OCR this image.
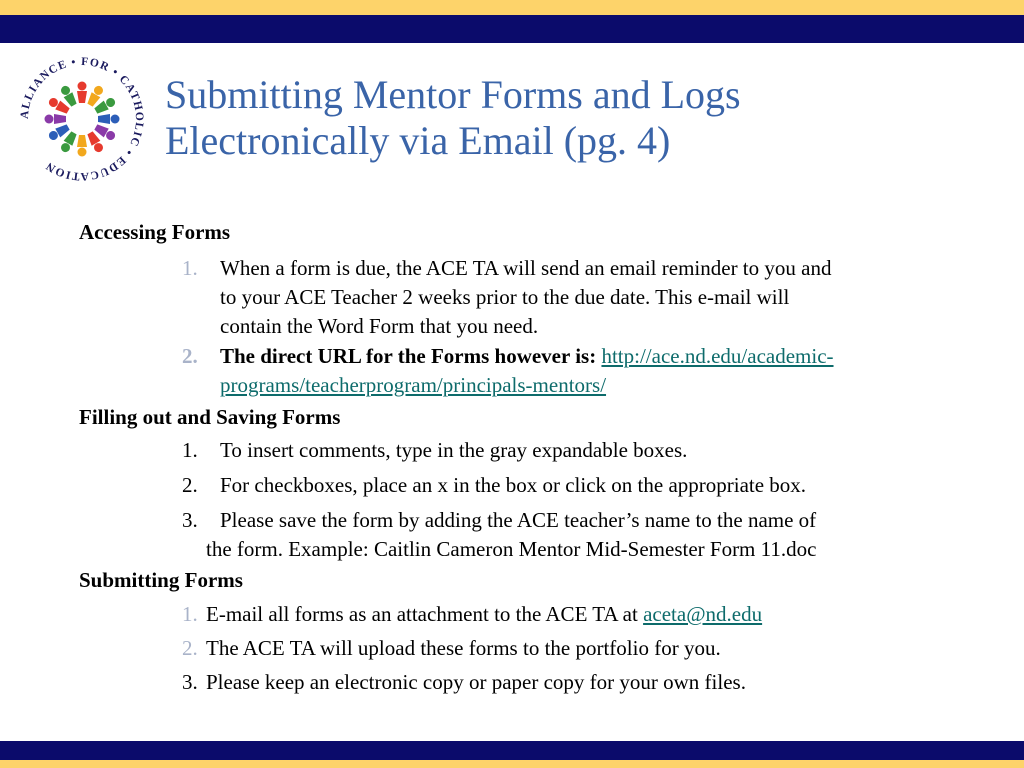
ALLIANCE • FOR • CATHOLIC • EDUCATION
Submitting Mentor Forms and Logs
Electronically via Email (pg. 4)
Accessing Forms
1. When a form is due, the ACE TA will send an email reminder to you and
to your ACE Teacher 2 weeks prior to the due date. This e-mail will
contain the Word Form that you need.
2. The direct URL for the Forms however is: http://ace.nd.edu/academic-
programs/teacherprogram/principals-mentors/
Filling out and Saving Forms
1. To insert comments, type in the gray expandable boxes.
2. For checkboxes, place an x in the box or click on the appropriate box.
3. Please save the form by adding the ACE teacher’s name to the name of
the form. Example: Caitlin Cameron Mentor Mid-Semester Form 11.doc
Submitting Forms
1. E-mail all forms as an attachment to the ACE TA at aceta@nd.edu
2. The ACE TA will upload these forms to the portfolio for you.
3. Please keep an electronic copy or paper copy for your own files.
